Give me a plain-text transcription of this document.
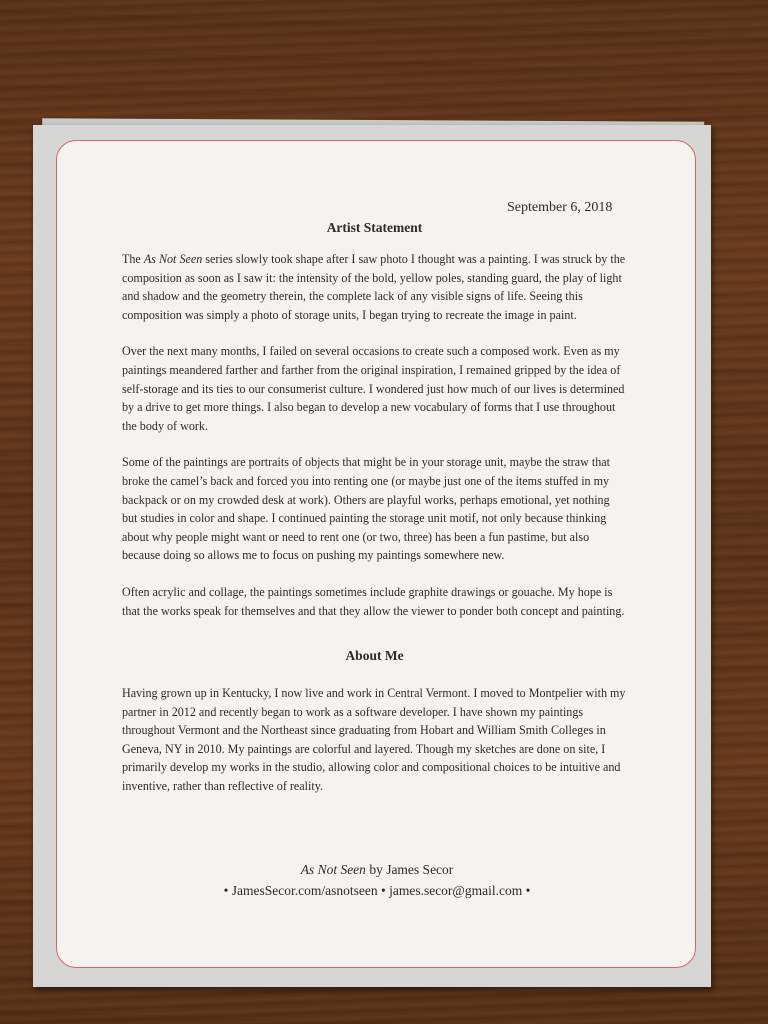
September 6, 2018
Artist Statement

The As Not Seen series slowly took shape after I saw photo I thought was a painting. I was struck by the composition as soon as I saw it: the intensity of the bold, yellow poles, standing guard, the play of light and shadow and the geometry therein, the complete lack of any visible signs of life. Seeing this composition was simply a photo of storage units, I began trying to recreate the image in paint.

Over the next many months, I failed on several occasions to create such a composed work. Even as my paintings meandered farther and farther from the original inspiration, I remained gripped by the idea of self-storage and its ties to our consumerist culture. I wondered just how much of our lives is determined by a drive to get more things. I also began to develop a new vocabulary of forms that I use throughout the body of work.

Some of the paintings are portraits of objects that might be in your storage unit, maybe the straw that broke the camel’s back and forced you into renting one (or maybe just one of the items stuffed in my backpack or on my crowded desk at work). Others are playful works, perhaps emotional, yet nothing but studies in color and shape. I continued painting the storage unit motif, not only because thinking about why people might want or need to rent one (or two, three) has been a fun pastime, but also because doing so allows me to focus on pushing my paintings somewhere new.

Often acrylic and collage, the paintings sometimes include graphite drawings or gouache. My hope is that the works speak for themselves and that they allow the viewer to ponder both concept and painting.

About Me

Having grown up in Kentucky, I now live and work in Central Vermont. I moved to Montpelier with my partner in 2012 and recently began to work as a software developer. I have shown my paintings throughout Vermont and the Northeast since graduating from Hobart and William Smith Colleges in Geneva, NY in 2010. My paintings are colorful and layered. Though my sketches are done on site, I primarily develop my works in the studio, allowing color and compositional choices to be intuitive and inventive, rather than reflective of reality.

As Not Seen by James Secor
• JamesSecor.com/asnotseen • james.secor@gmail.com •
